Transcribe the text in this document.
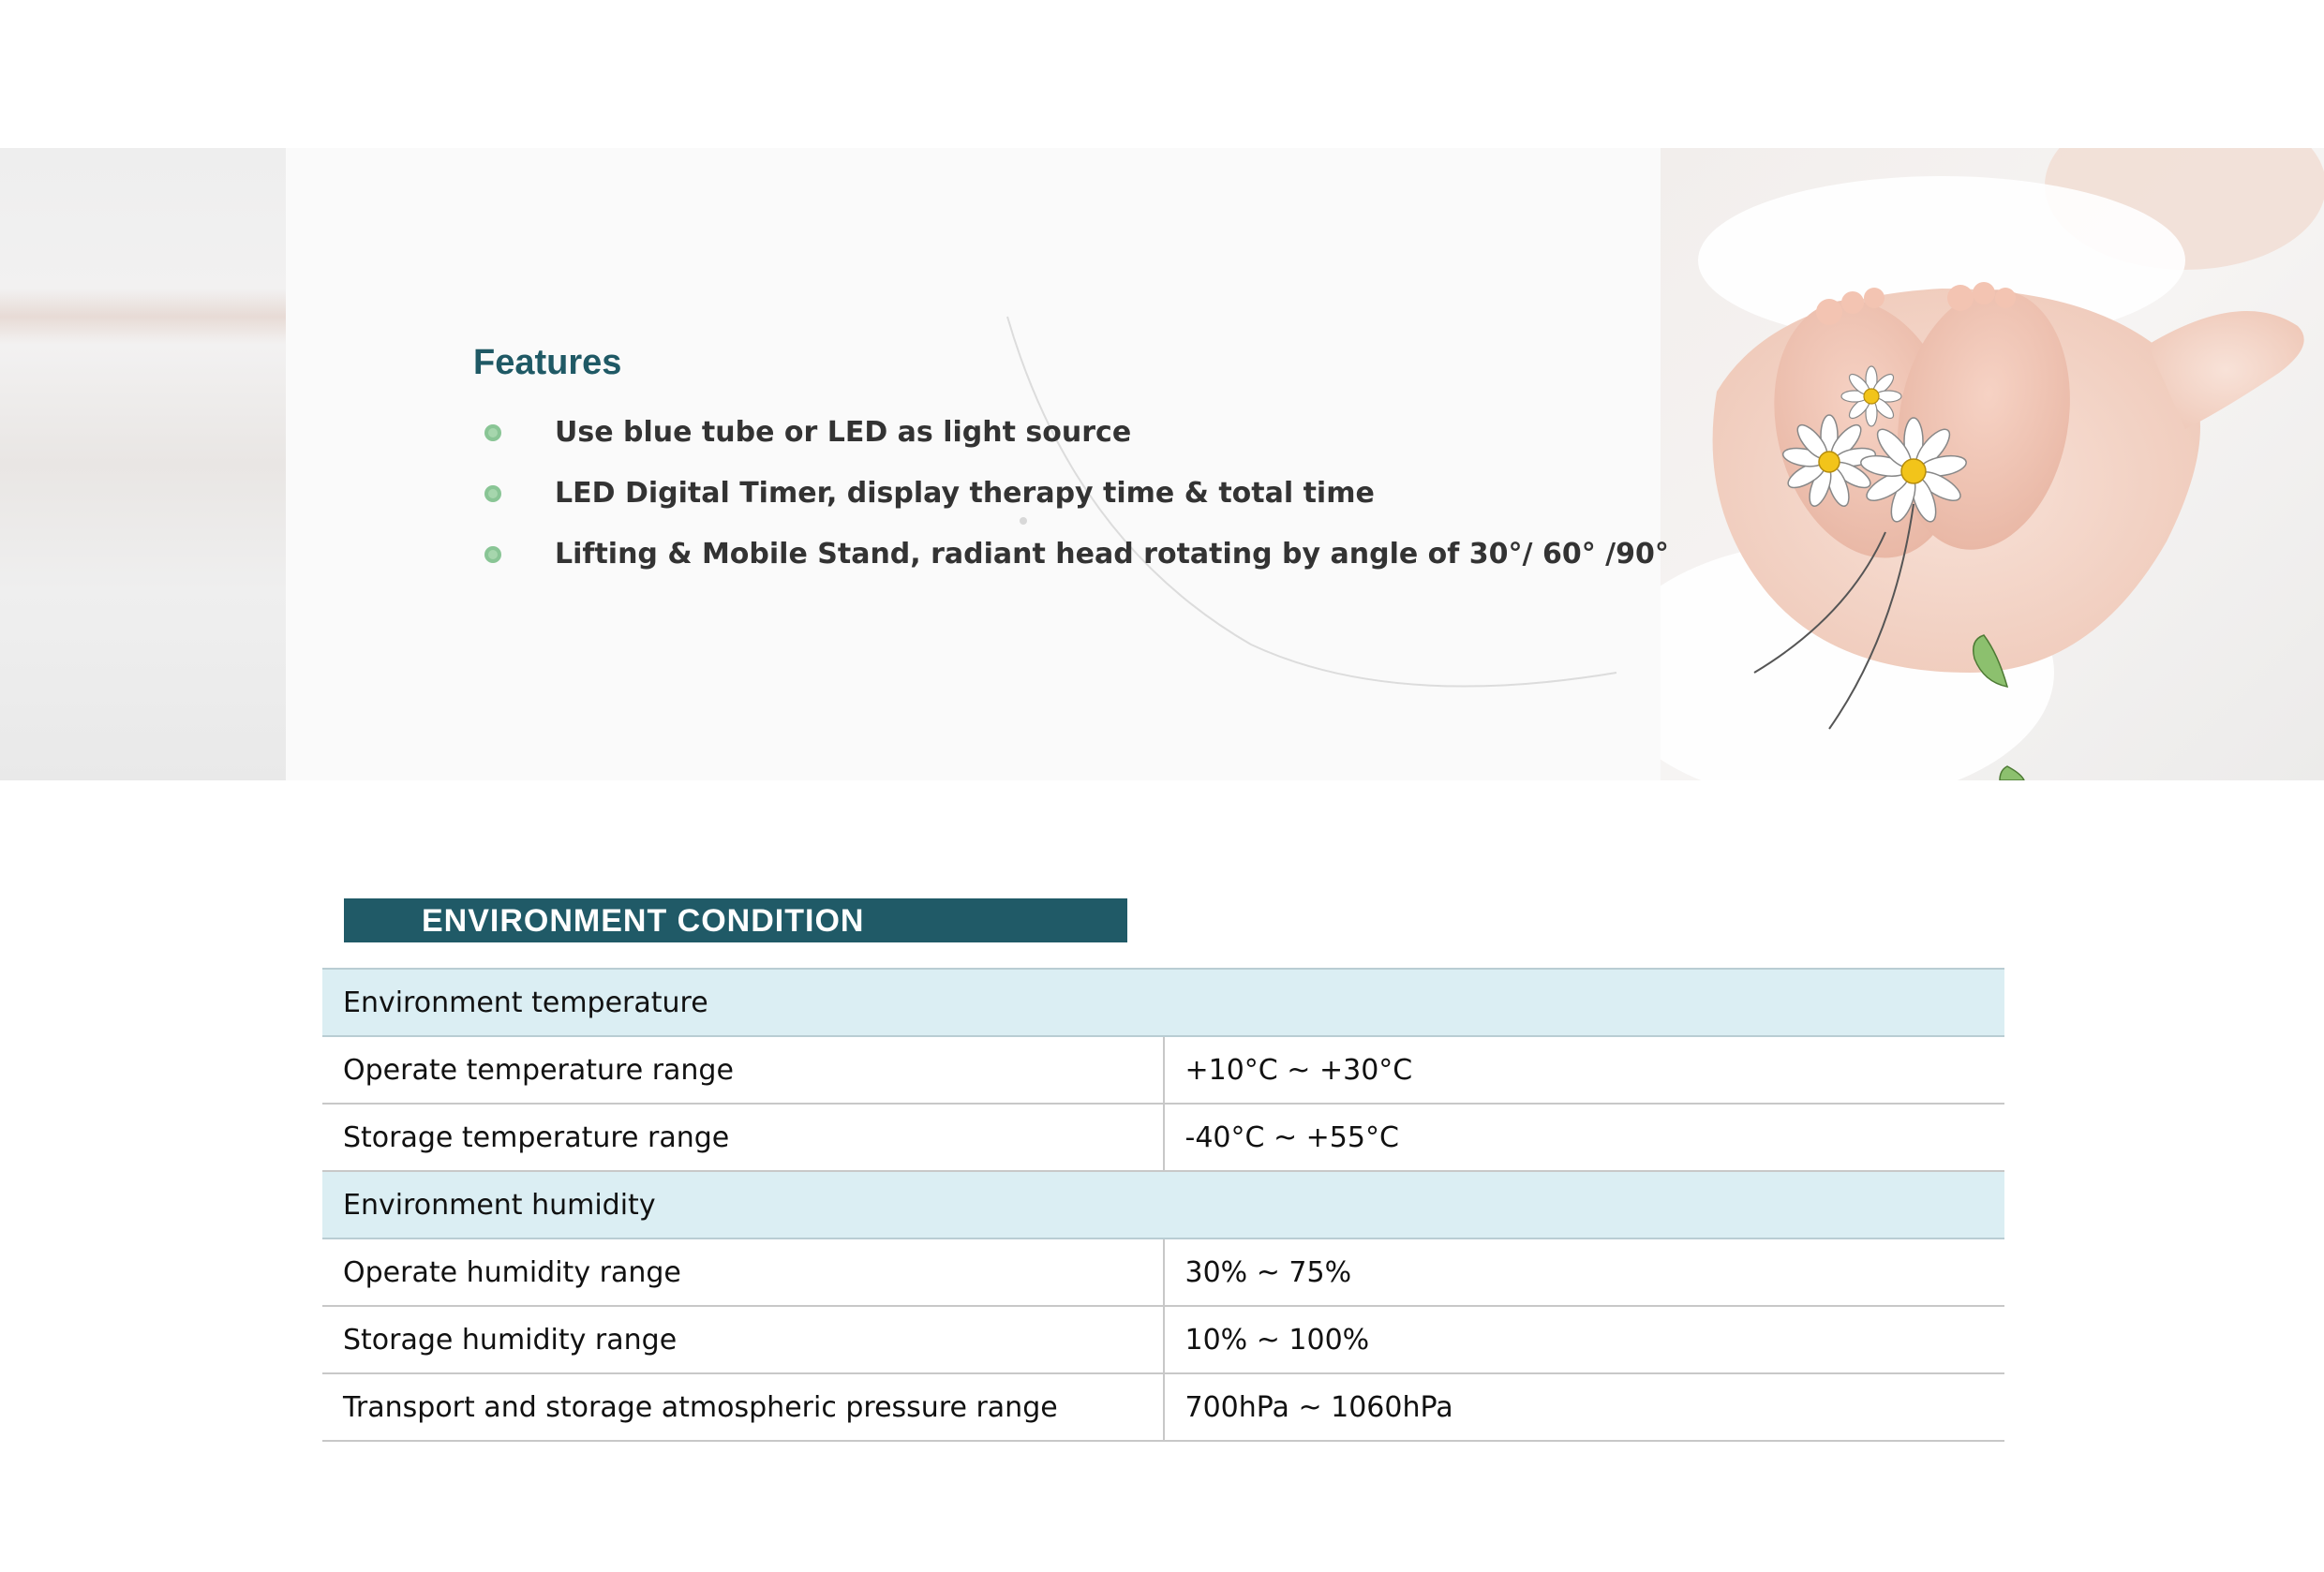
Features
Use blue tube or LED as light source
LED Digital Timer, display therapy time & total time
Lifting & Mobile Stand, radiant head rotating by angle of 30°/ 60° /90°
ENVIRONMENT CONDITION
Environment temperature	
Operate temperature range	+10°C ~ +30°C
Storage temperature range	-40°C ~ +55°C
Environment humidity	
Operate humidity range	30% ~ 75%
Storage humidity range	10% ~ 100%
Transport and storage atmospheric pressure range	700hPa ~ 1060hPa
